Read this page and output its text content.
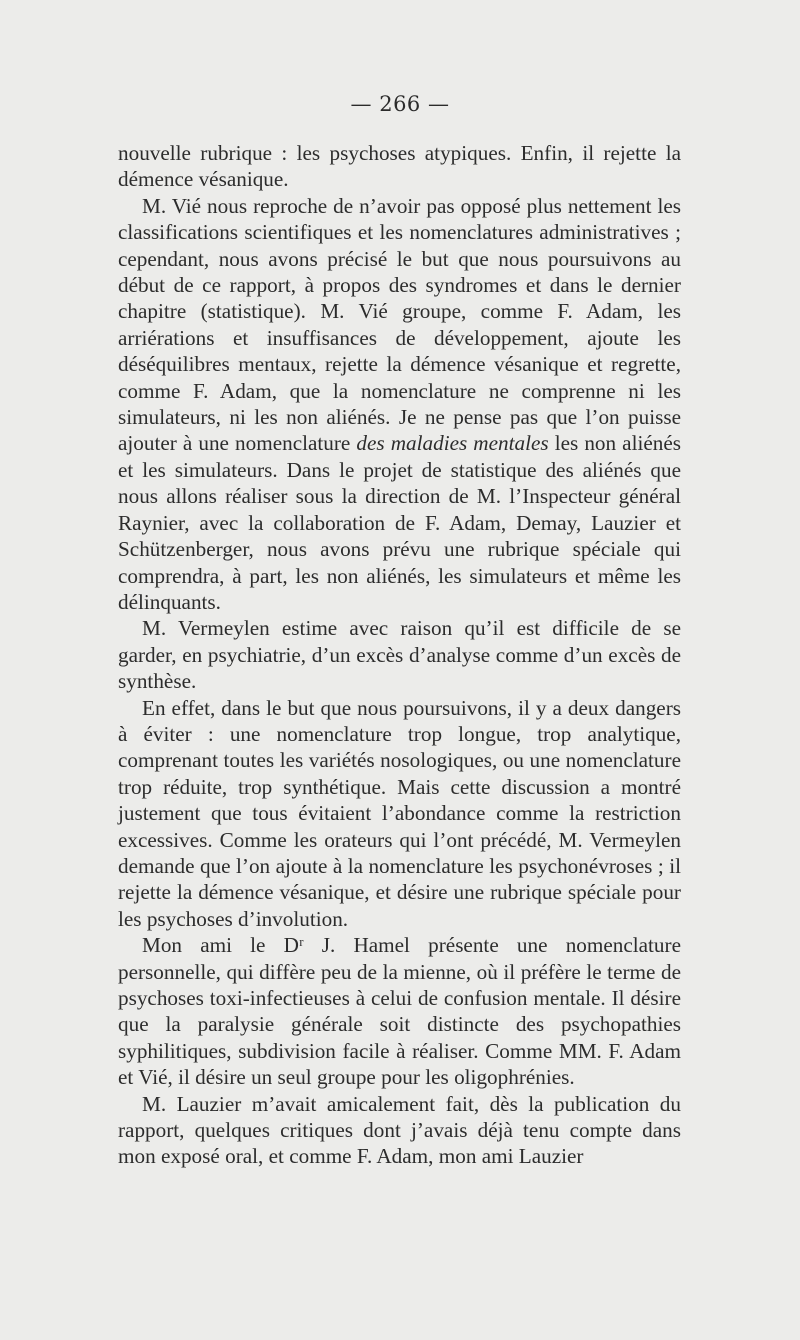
— 266 —

nouvelle rubrique : les psychoses atypiques. Enfin, il rejette la démence vésanique.

M. Vié nous reproche de n’avoir pas opposé plus nettement les classifications scientifiques et les nomenclatures administratives ; cependant, nous avons précisé le but que nous poursuivons au début de ce rapport, à propos des syndromes et dans le dernier chapitre (statistique). M. Vié groupe, comme F. Adam, les arriérations et insuffisances de développement, ajoute les déséquilibres mentaux, rejette la démence vésanique et regrette, comme F. Adam, que la nomenclature ne comprenne ni les simulateurs, ni les non aliénés. Je ne pense pas que l’on puisse ajouter à une nomenclature des maladies mentales les non aliénés et les simulateurs. Dans le projet de statistique des aliénés que nous allons réaliser sous la direction de M. l’Inspecteur général Raynier, avec la collaboration de F. Adam, Demay, Lauzier et Schützenberger, nous avons prévu une rubrique spéciale qui comprendra, à part, les non aliénés, les simulateurs et même les délinquants.

M. Vermeylen estime avec raison qu’il est difficile de se garder, en psychiatrie, d’un excès d’analyse comme d’un excès de synthèse.

En effet, dans le but que nous poursuivons, il y a deux dangers à éviter : une nomenclature trop longue, trop analytique, comprenant toutes les variétés nosologiques, ou une nomenclature trop réduite, trop synthétique. Mais cette discussion a montré justement que tous évitaient l’abondance comme la restriction excessives. Comme les orateurs qui l’ont précédé, M. Vermeylen demande que l’on ajoute à la nomenclature les psychonévroses ; il rejette la démence vésanique, et désire une rubrique spéciale pour les psychoses d’involution.

Mon ami le Dʳ J. Hamel présente une nomenclature personnelle, qui diffère peu de la mienne, où il préfère le terme de psychoses toxi-infectieuses à celui de confusion mentale. Il désire que la paralysie générale soit distincte des psychopathies syphilitiques, subdivision facile à réaliser. Comme MM. F. Adam et Vié, il désire un seul groupe pour les oligophrénies.

M. Lauzier m’avait amicalement fait, dès la publication du rapport, quelques critiques dont j’avais déjà tenu compte dans mon exposé oral, et comme F. Adam, mon ami Lauzier
